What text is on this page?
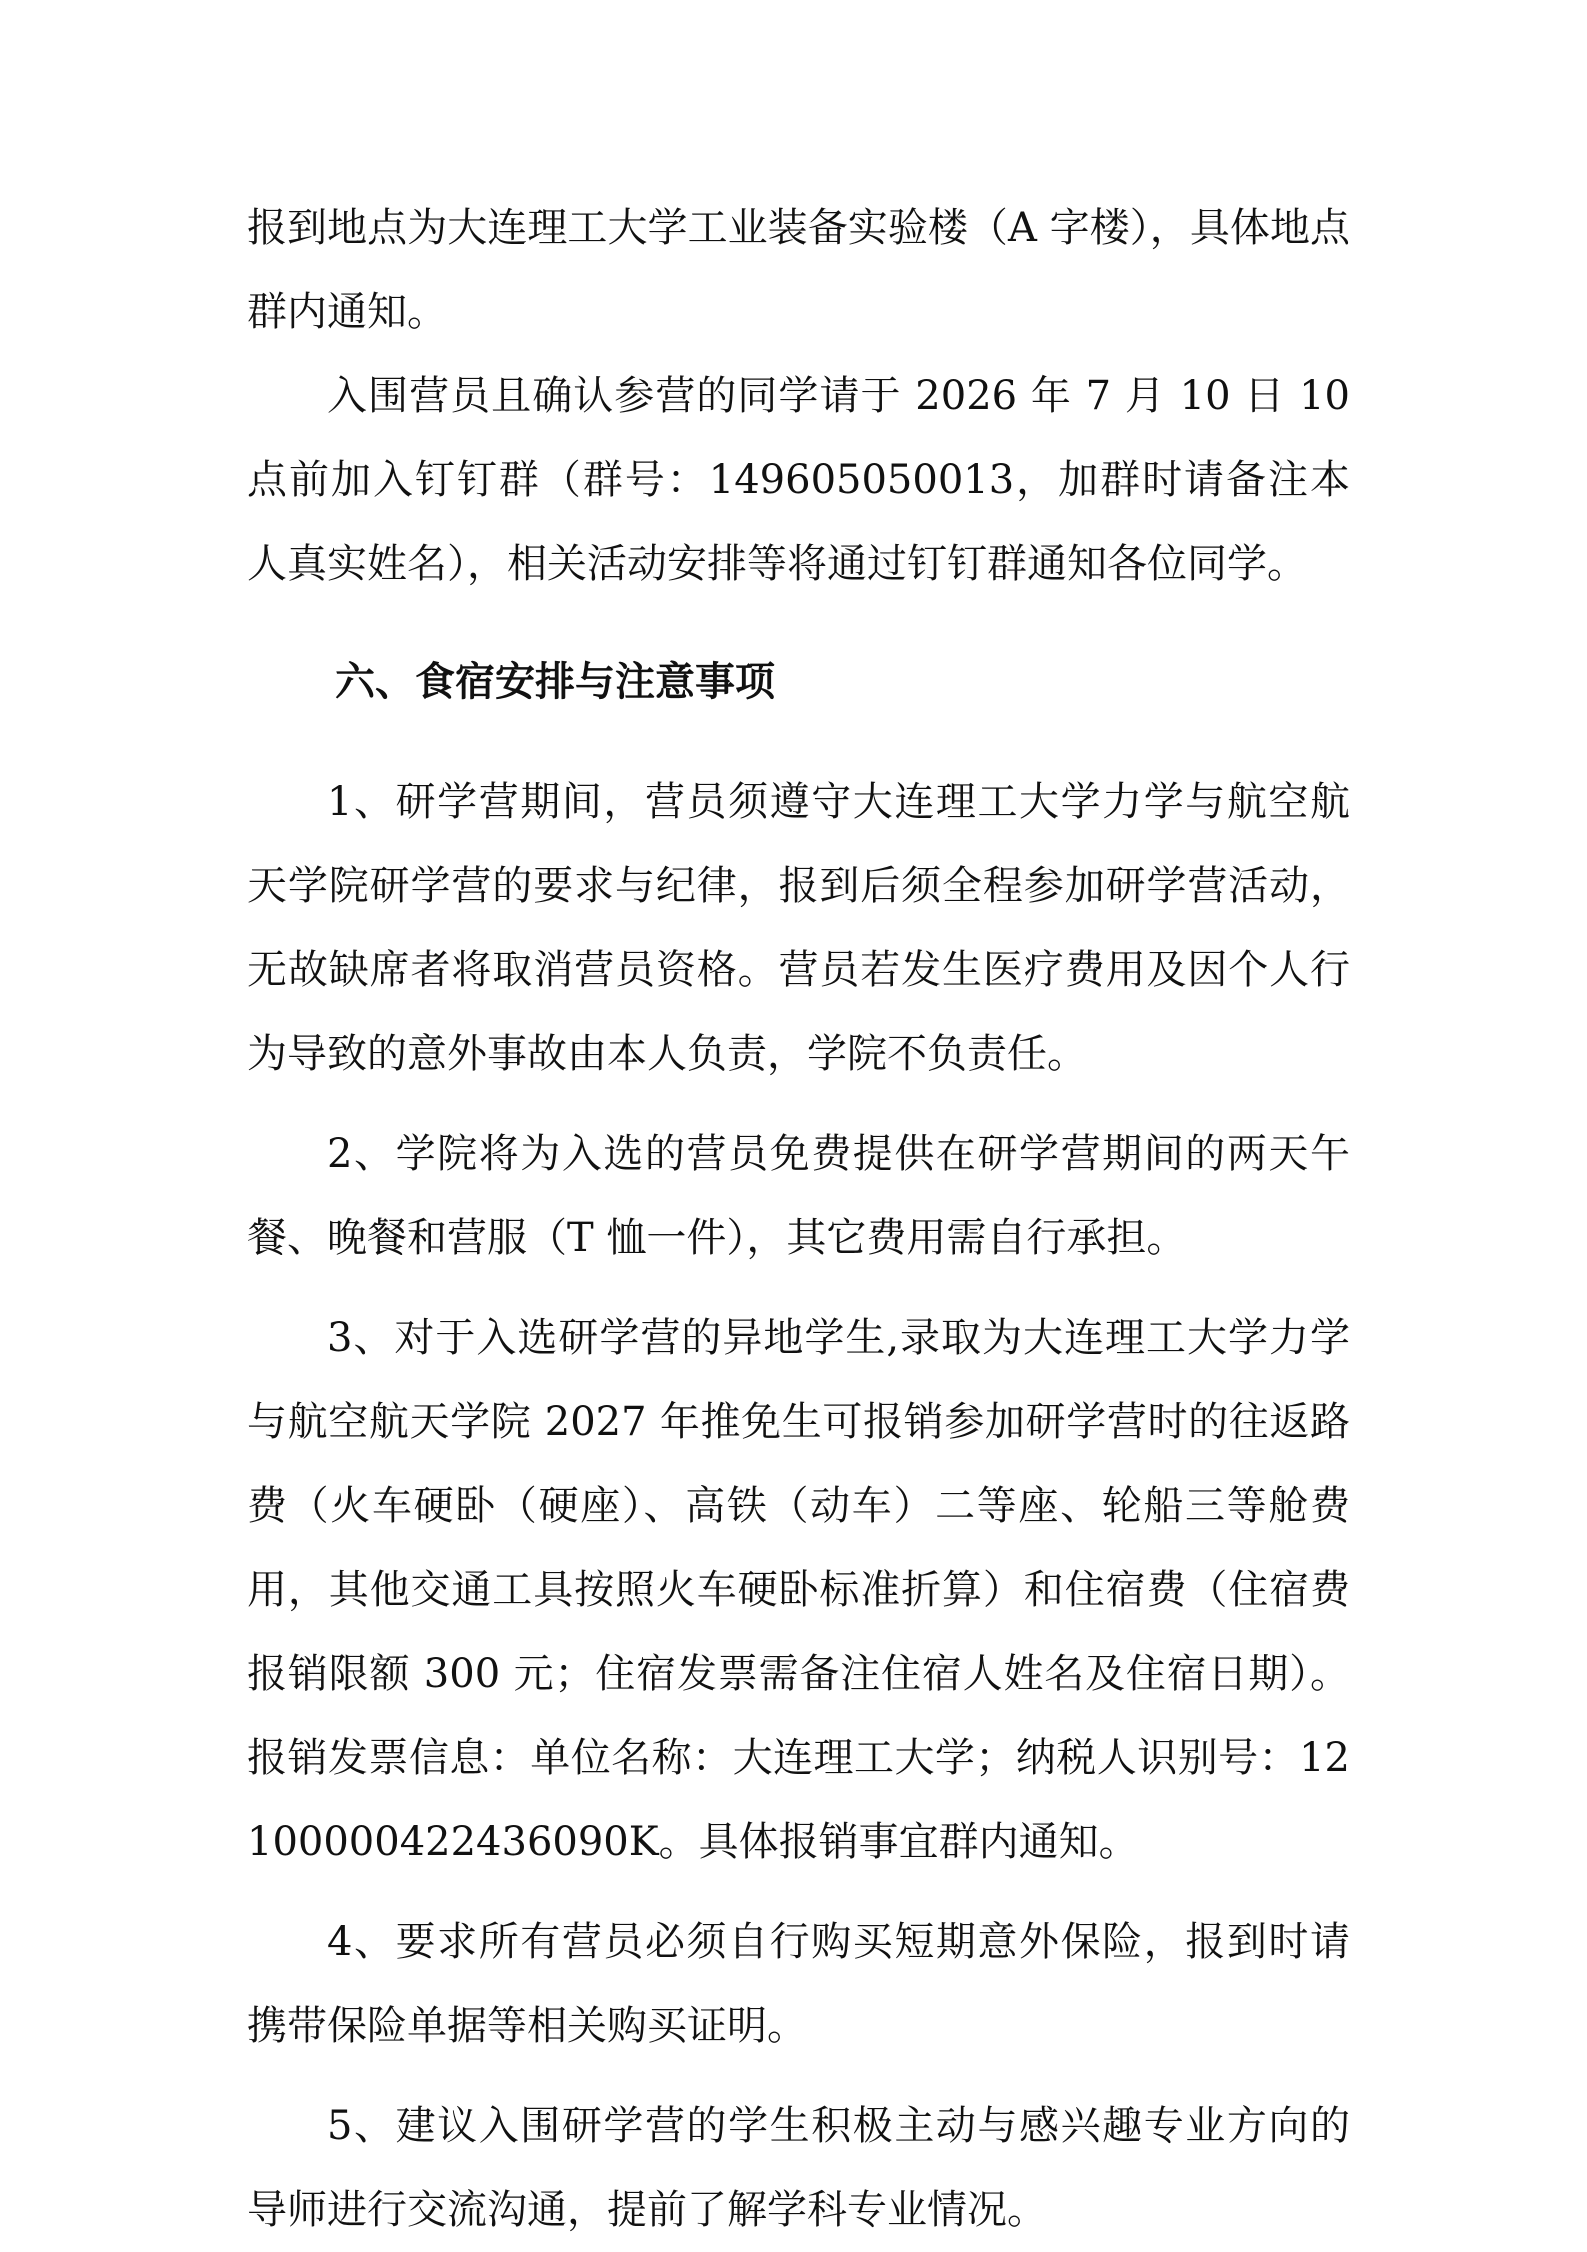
报到地点为大连理工大学工业装备实验楼（A 字楼），具体地点群内通知。

入围营员且确认参营的同学请于 2026 年 7 月 10 日 10 点前加入钉钉群（群号：149605050013，加群时请备注本人真实姓名），相关活动安排等将通过钉钉群通知各位同学。

六、食宿安排与注意事项

1、研学营期间，营员须遵守大连理工大学力学与航空航天学院研学营的要求与纪律，报到后须全程参加研学营活动，无故缺席者将取消营员资格。营员若发生医疗费用及因个人行为导致的意外事故由本人负责，学院不负责任。

2、学院将为入选的营员免费提供在研学营期间的两天午餐、晚餐和营服（T 恤一件），其它费用需自行承担。

3、对于入选研学营的异地学生,录取为大连理工大学力学与航空航天学院 2027 年推免生可报销参加研学营时的往返路费（火车硬卧（硬座）、高铁（动车）二等座、轮船三等舱费用，其他交通工具按照火车硬卧标准折算）和住宿费（住宿费报销限额 300 元；住宿发票需备注住宿人姓名及住宿日期）。报销发票信息：单位名称：大连理工大学；纳税人识别号：12100000422436090K。具体报销事宜群内通知。

4、要求所有营员必须自行购买短期意外保险，报到时请携带保险单据等相关购买证明。

5、建议入围研学营的学生积极主动与感兴趣专业方向的导师进行交流沟通，提前了解学科专业情况。
